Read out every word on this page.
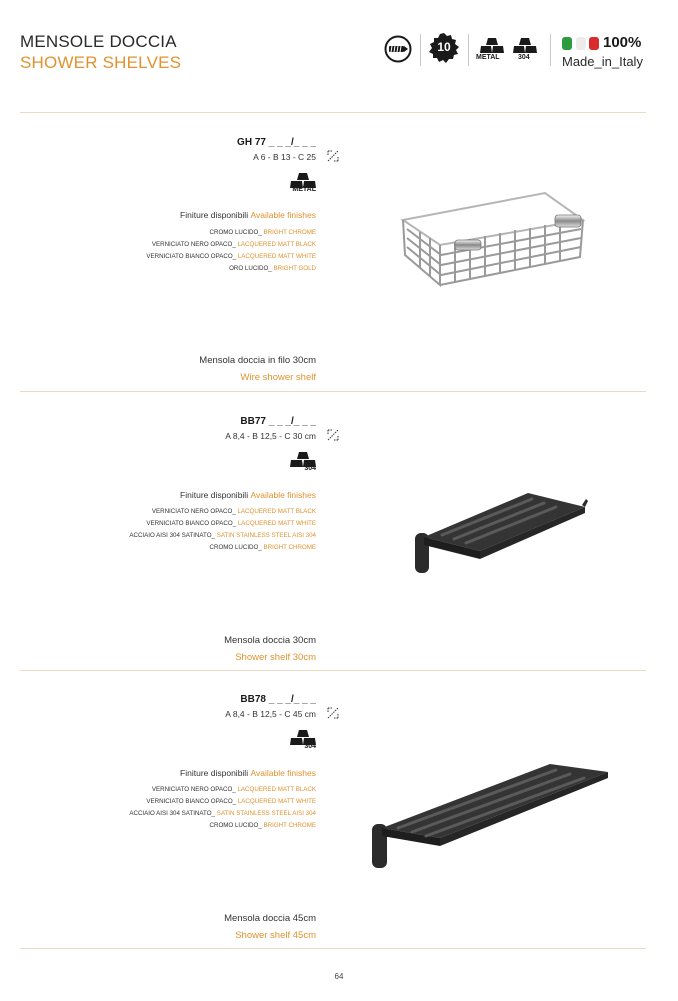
MENSOLE DOCCIA
SHOWER SHELVES
10
METAL	304
100%
Made_in_Italy
GH 77 _ _ _/_ _ _
A 6 - B 13 - C 25
METAL
Finiture disponibili Available finishes
CROMO LUCIDO_ BRIGHT CHROME
VERNICIATO NERO OPACO_ LACQUERED MATT BLACK
VERNICIATO BIANCO OPACO_ LACQUERED MATT WHITE
ORO LUCIDO_ BRIGHT GOLD
Mensola doccia in filo 30cm
Wire shower shelf
BB77 _ _ _/_ _ _
A 8,4 - B 12,5 - C 30 cm
304
Finiture disponibili Available finishes
VERNICIATO NERO OPACO_ LACQUERED MATT BLACK
VERNICIATO BIANCO OPACO_ LACQUERED MATT WHITE
ACCIAIO AISI 304 SATINATO_ SATIN STAINLESS STEEL AISI 304
CROMO LUCIDO_ BRIGHT CHROME
Mensola doccia 30cm
Shower shelf 30cm
BB78 _ _ _/_ _ _
A 8,4 - B 12,5 - C 45 cm
304
Finiture disponibili Available finishes
VERNICIATO NERO OPACO_ LACQUERED MATT BLACK
VERNICIATO BIANCO OPACO_ LACQUERED MATT WHITE
ACCIAIO AISI 304 SATINATO_ SATIN STAINLESS STEEL AISI 304
CROMO LUCIDO_ BRIGHT CHROME
Mensola doccia 45cm
Shower shelf 45cm
64
